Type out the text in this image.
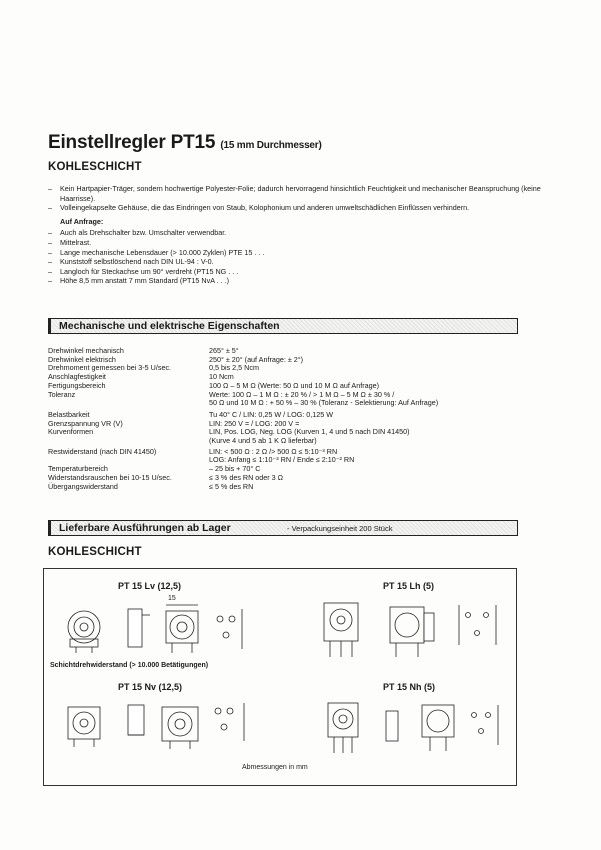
Einstellregler PT15 (15 mm Durchmesser)
KOHLESCHICHT
– Kein Hartpapier-Träger, sondern hochwertige Polyester-Folie; dadurch hervorragend hinsichtlich Feuchtigkeit und mechanischer Beanspruchung (keine Haarrisse).
– Volleingekapselte Gehäuse, die das Eindringen von Staub, Kolophonium und anderen umweltschädlichen Einflüssen verhindern.
Auf Anfrage:
– Auch als Drehschalter bzw. Umschalter verwendbar.
– Mittelrast.
– Lange mechanische Lebensdauer (> 10.000 Zyklen) PTE 15 . . .
– Kunststoff selbstlöschend nach DIN UL-94 : V-0.
– Langloch für Steckachse um 90° verdreht (PT15 NG . . .
– Höhe 8,5 mm anstatt 7 mm Standard (PT15 NvA . . .)
Mechanische und elektrische Eigenschaften
Drehwinkel mechanisch	265° ± 5°
Drehwinkel elektrisch	250° ± 20° (auf Anfrage: ± 2°)
Drehmoment gemessen bei 3-5 U/sec.	0,5 bis 2,5 Ncm
Anschlagfestigkeit	10 Ncm
Fertigungsbereich	100 Ω – 5 M Ω (Werte: 50 Ω und 10 M Ω auf Anfrage)
Toleranz	Werte: 100 Ω – 1 M Ω : ± 20 % / > 1 M Ω – 5 M Ω ± 30 % /
50 Ω und 10 M Ω : + 50 % – 30 % (Toleranz - Selektierung: Auf Anfrage)
Belastbarkeit	Tu 40° C / LIN: 0,25 W / LOG: 0,125 W
Grenzspannung VR (V)	LIN: 250 V = / LOG: 200 V =
Kurvenformen	LIN, Pos. LOG, Neg. LOG (Kurven 1, 4 und 5 nach DIN 41450)
(Kurve 4 und 5 ab 1 K Ω lieferbar)
Restwiderstand (nach DIN 41450)	LIN: < 500 Ω : 2 Ω /> 500 Ω ≤ 5:10⁻³ RN
LOG: Anfang ≤ 1:10⁻³ RN / Ende ≤ 2:10⁻² RN
Temperaturbereich	– 25 bis + 70° C
Widerstandsrauschen bei 10-15 U/sec.	≤ 3 % des RN oder 3 Ω
Übergangswiderstand	≤ 5 % des RN
Lieferbare Ausführungen ab Lager	- Verpackungseinheit 200 Stück
KOHLESCHICHT
PT 15 Lv (12,5)
15
Schichtdrehwiderstand (> 10.000 Betätigungen)
PT 15 Lh (5)
PT 15 Nv (12,5)	PT 15 Nh (5)
Abmessungen in mm
